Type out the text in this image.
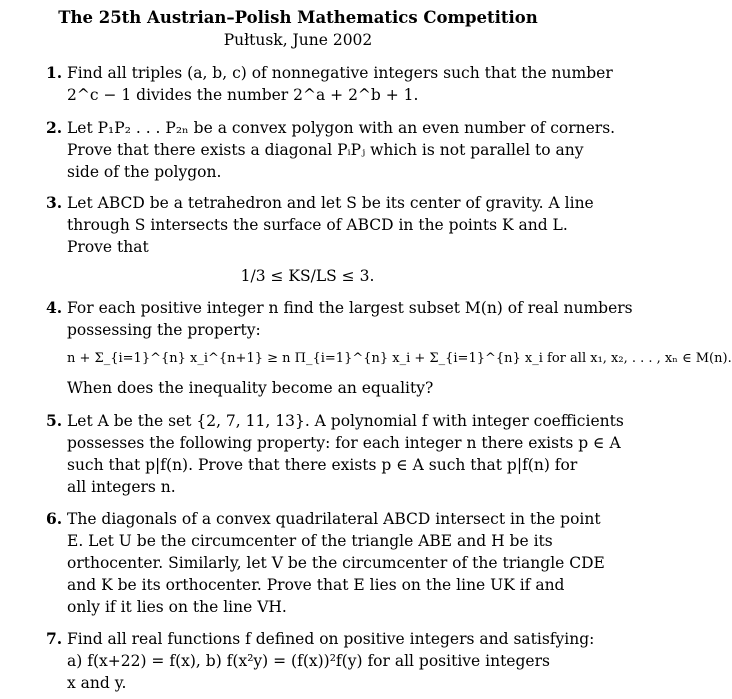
The 25th Austrian–Polish Mathematics Competition
Pułtusk, June 2002
1. Find all triples (a, b, c) of nonnegative integers such that the number
2^c − 1 divides the number 2^a + 2^b + 1.
2. Let P₁P₂ . . . P₂ₙ be a convex polygon with an even number of corners.
Prove that there exists a diagonal PᵢPⱼ which is not parallel to any
side of the polygon.
3. Let ABCD be a tetrahedron and let S be its center of gravity. A line
through S intersects the surface of ABCD in the points K and L.
Prove that
1/3 ≤ KS/LS ≤ 3.
4. For each positive integer n find the largest subset M(n) of real numbers
possessing the property:
n + Σ_{i=1}^{n} x_i^{n+1} ≥ n Π_{i=1}^{n} x_i + Σ_{i=1}^{n} x_i for all x₁, x₂, . . . , xₙ ∈ M(n).
When does the inequality become an equality?
5. Let A be the set {2, 7, 11, 13}. A polynomial f with integer coefficients
possesses the following property: for each integer n there exists p ∈ A
such that p|f(n). Prove that there exists p ∈ A such that p|f(n) for
all integers n.
6. The diagonals of a convex quadrilateral ABCD intersect in the point
E. Let U be the circumcenter of the triangle ABE and H be its
orthocenter. Similarly, let V be the circumcenter of the triangle CDE
and K be its orthocenter. Prove that E lies on the line UK if and
only if it lies on the line VH.
7. Find all real functions f defined on positive integers and satisfying:
a) f(x+22) = f(x), b) f(x²y) = (f(x))²f(y) for all positive integers
x and y.
